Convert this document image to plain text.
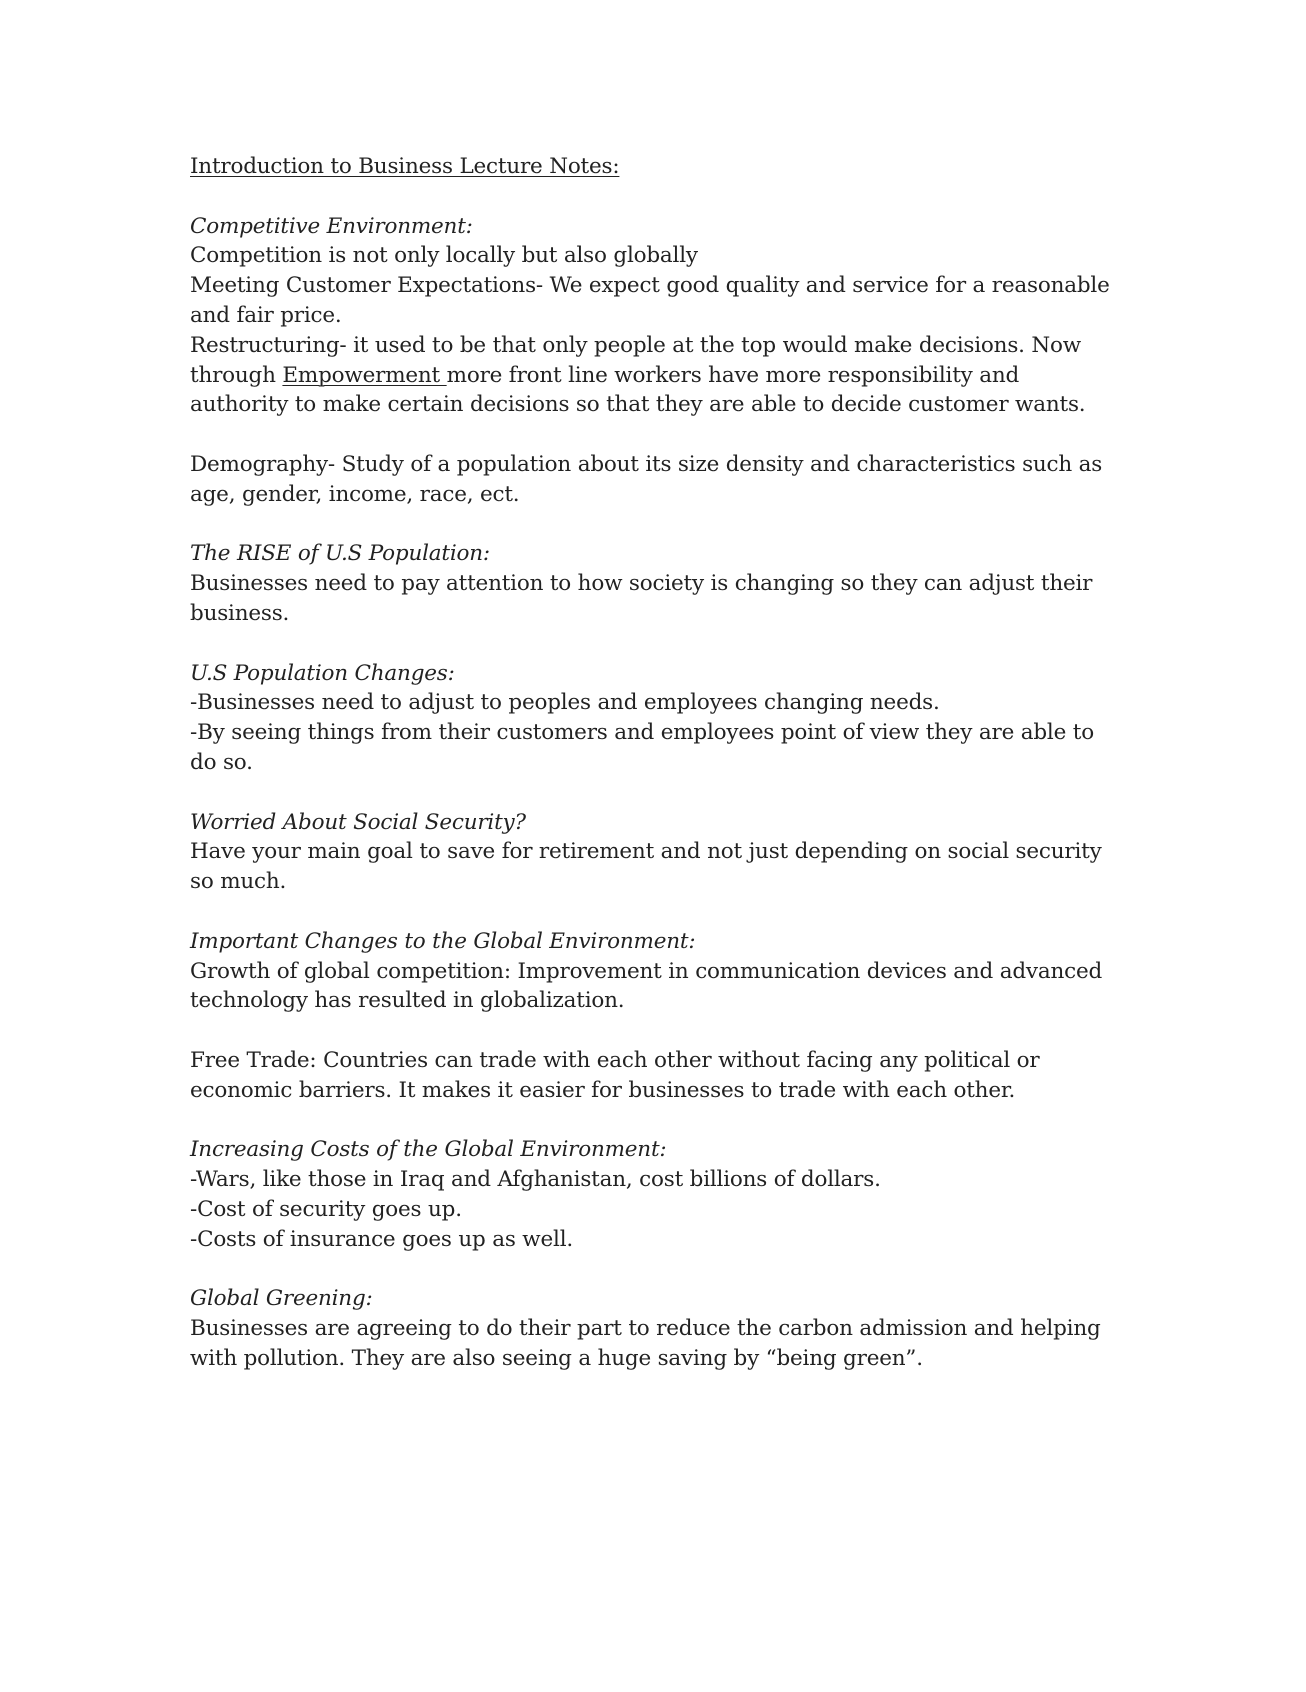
Introduction to Business Lecture Notes:
Competitive Environment:
Competition is not only locally but also globally
Meeting Customer Expectations- We expect good quality and service for a reasonable and fair price.
Restructuring- it used to be that only people at the top would make decisions. Now through Empowerment more front line workers have more responsibility and authority to make certain decisions so that they are able to decide customer wants.
Demography- Study of a population about its size density and characteristics such as age, gender, income, race, ect.
The RISE of U.S Population:
Businesses need to pay attention to how society is changing so they can adjust their business.
U.S Population Changes:
-Businesses need to adjust to peoples and employees changing needs.
-By seeing things from their customers and employees point of view they are able to do so.
Worried About Social Security?
Have your main goal to save for retirement and not just depending on social security so much.
Important Changes to the Global Environment:
Growth of global competition: Improvement in communication devices and advanced technology has resulted in globalization.
Free Trade: Countries can trade with each other without facing any political or economic barriers. It makes it easier for businesses to trade with each other.
Increasing Costs of the Global Environment:
-Wars, like those in Iraq and Afghanistan, cost billions of dollars.
-Cost of security goes up.
-Costs of insurance goes up as well.
Global Greening:
Businesses are agreeing to do their part to reduce the carbon admission and helping with pollution. They are also seeing a huge saving by “being green”.
